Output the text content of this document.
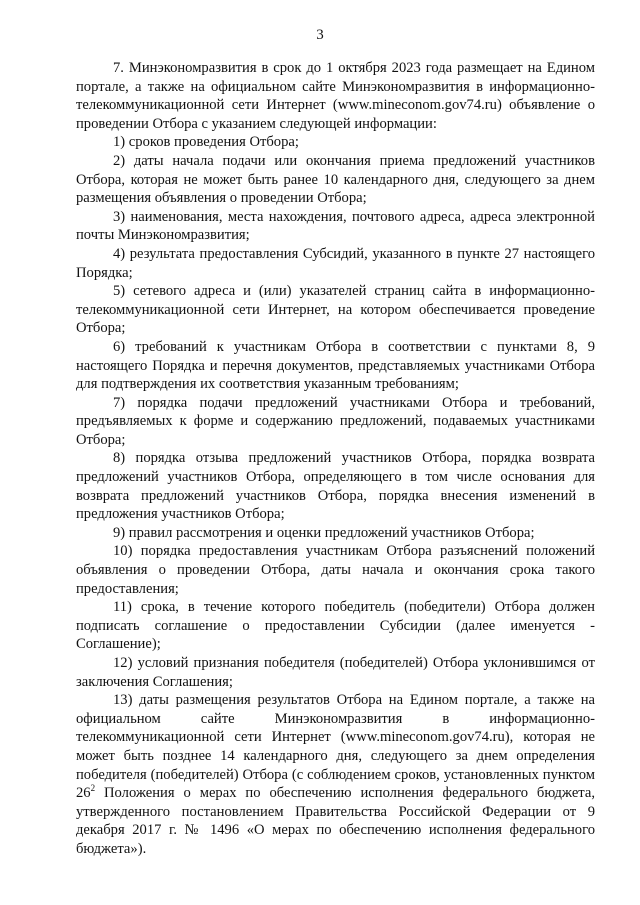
3

7. Минэкономразвития в срок до 1 октября 2023 года размещает на Едином портале, а также на официальном сайте Минэкономразвития в информационно-телекоммуникационной сети Интернет (www.mineconom.gov74.ru) объявление о проведении Отбора с указанием следующей информации:

1) сроков проведения Отбора;

2) даты начала подачи или окончания приема предложений участников Отбора, которая не может быть ранее 10 календарного дня, следующего за днем размещения объявления о проведении Отбора;

3) наименования, места нахождения, почтового адреса, адреса электронной почты Минэкономразвития;

4) результата предоставления Субсидий, указанного в пункте 27 настоящего Порядка;

5) сетевого адреса и (или) указателей страниц сайта в информационно-телекоммуникационной сети Интернет, на котором обеспечивается проведение Отбора;

6) требований к участникам Отбора в соответствии с пунктами 8, 9 настоящего Порядка и перечня документов, представляемых участниками Отбора для подтверждения их соответствия указанным требованиям;

7) порядка подачи предложений участниками Отбора и требований, предъявляемых к форме и содержанию предложений, подаваемых участниками Отбора;

8) порядка отзыва предложений участников Отбора, порядка возврата предложений участников Отбора, определяющего в том числе основания для возврата предложений участников Отбора, порядка внесения изменений в предложения участников Отбора;

9) правил рассмотрения и оценки предложений участников Отбора;

10) порядка предоставления участникам Отбора разъяснений положений объявления о проведении Отбора, даты начала и окончания срока такого предоставления;

11) срока, в течение которого победитель (победители) Отбора должен подписать соглашение о предоставлении Субсидии (далее именуется - Соглашение);

12) условий признания победителя (победителей) Отбора уклонившимся от заключения Соглашения;

13) даты размещения результатов Отбора на Едином портале, а также на официальном сайте Минэкономразвития в информационно-телекоммуникационной сети Интернет (www.mineconom.gov74.ru), которая не может быть позднее 14 календарного дня, следующего за днем определения победителя (победителей) Отбора (с соблюдением сроков, установленных пунктом $26^2$ Положения о мерах по обеспечению исполнения федерального бюджета, утвержденного постановлением Правительства Российской Федерации от 9 декабря 2017 г. № 1496 «О мерах по обеспечению исполнения федерального бюджета»).
